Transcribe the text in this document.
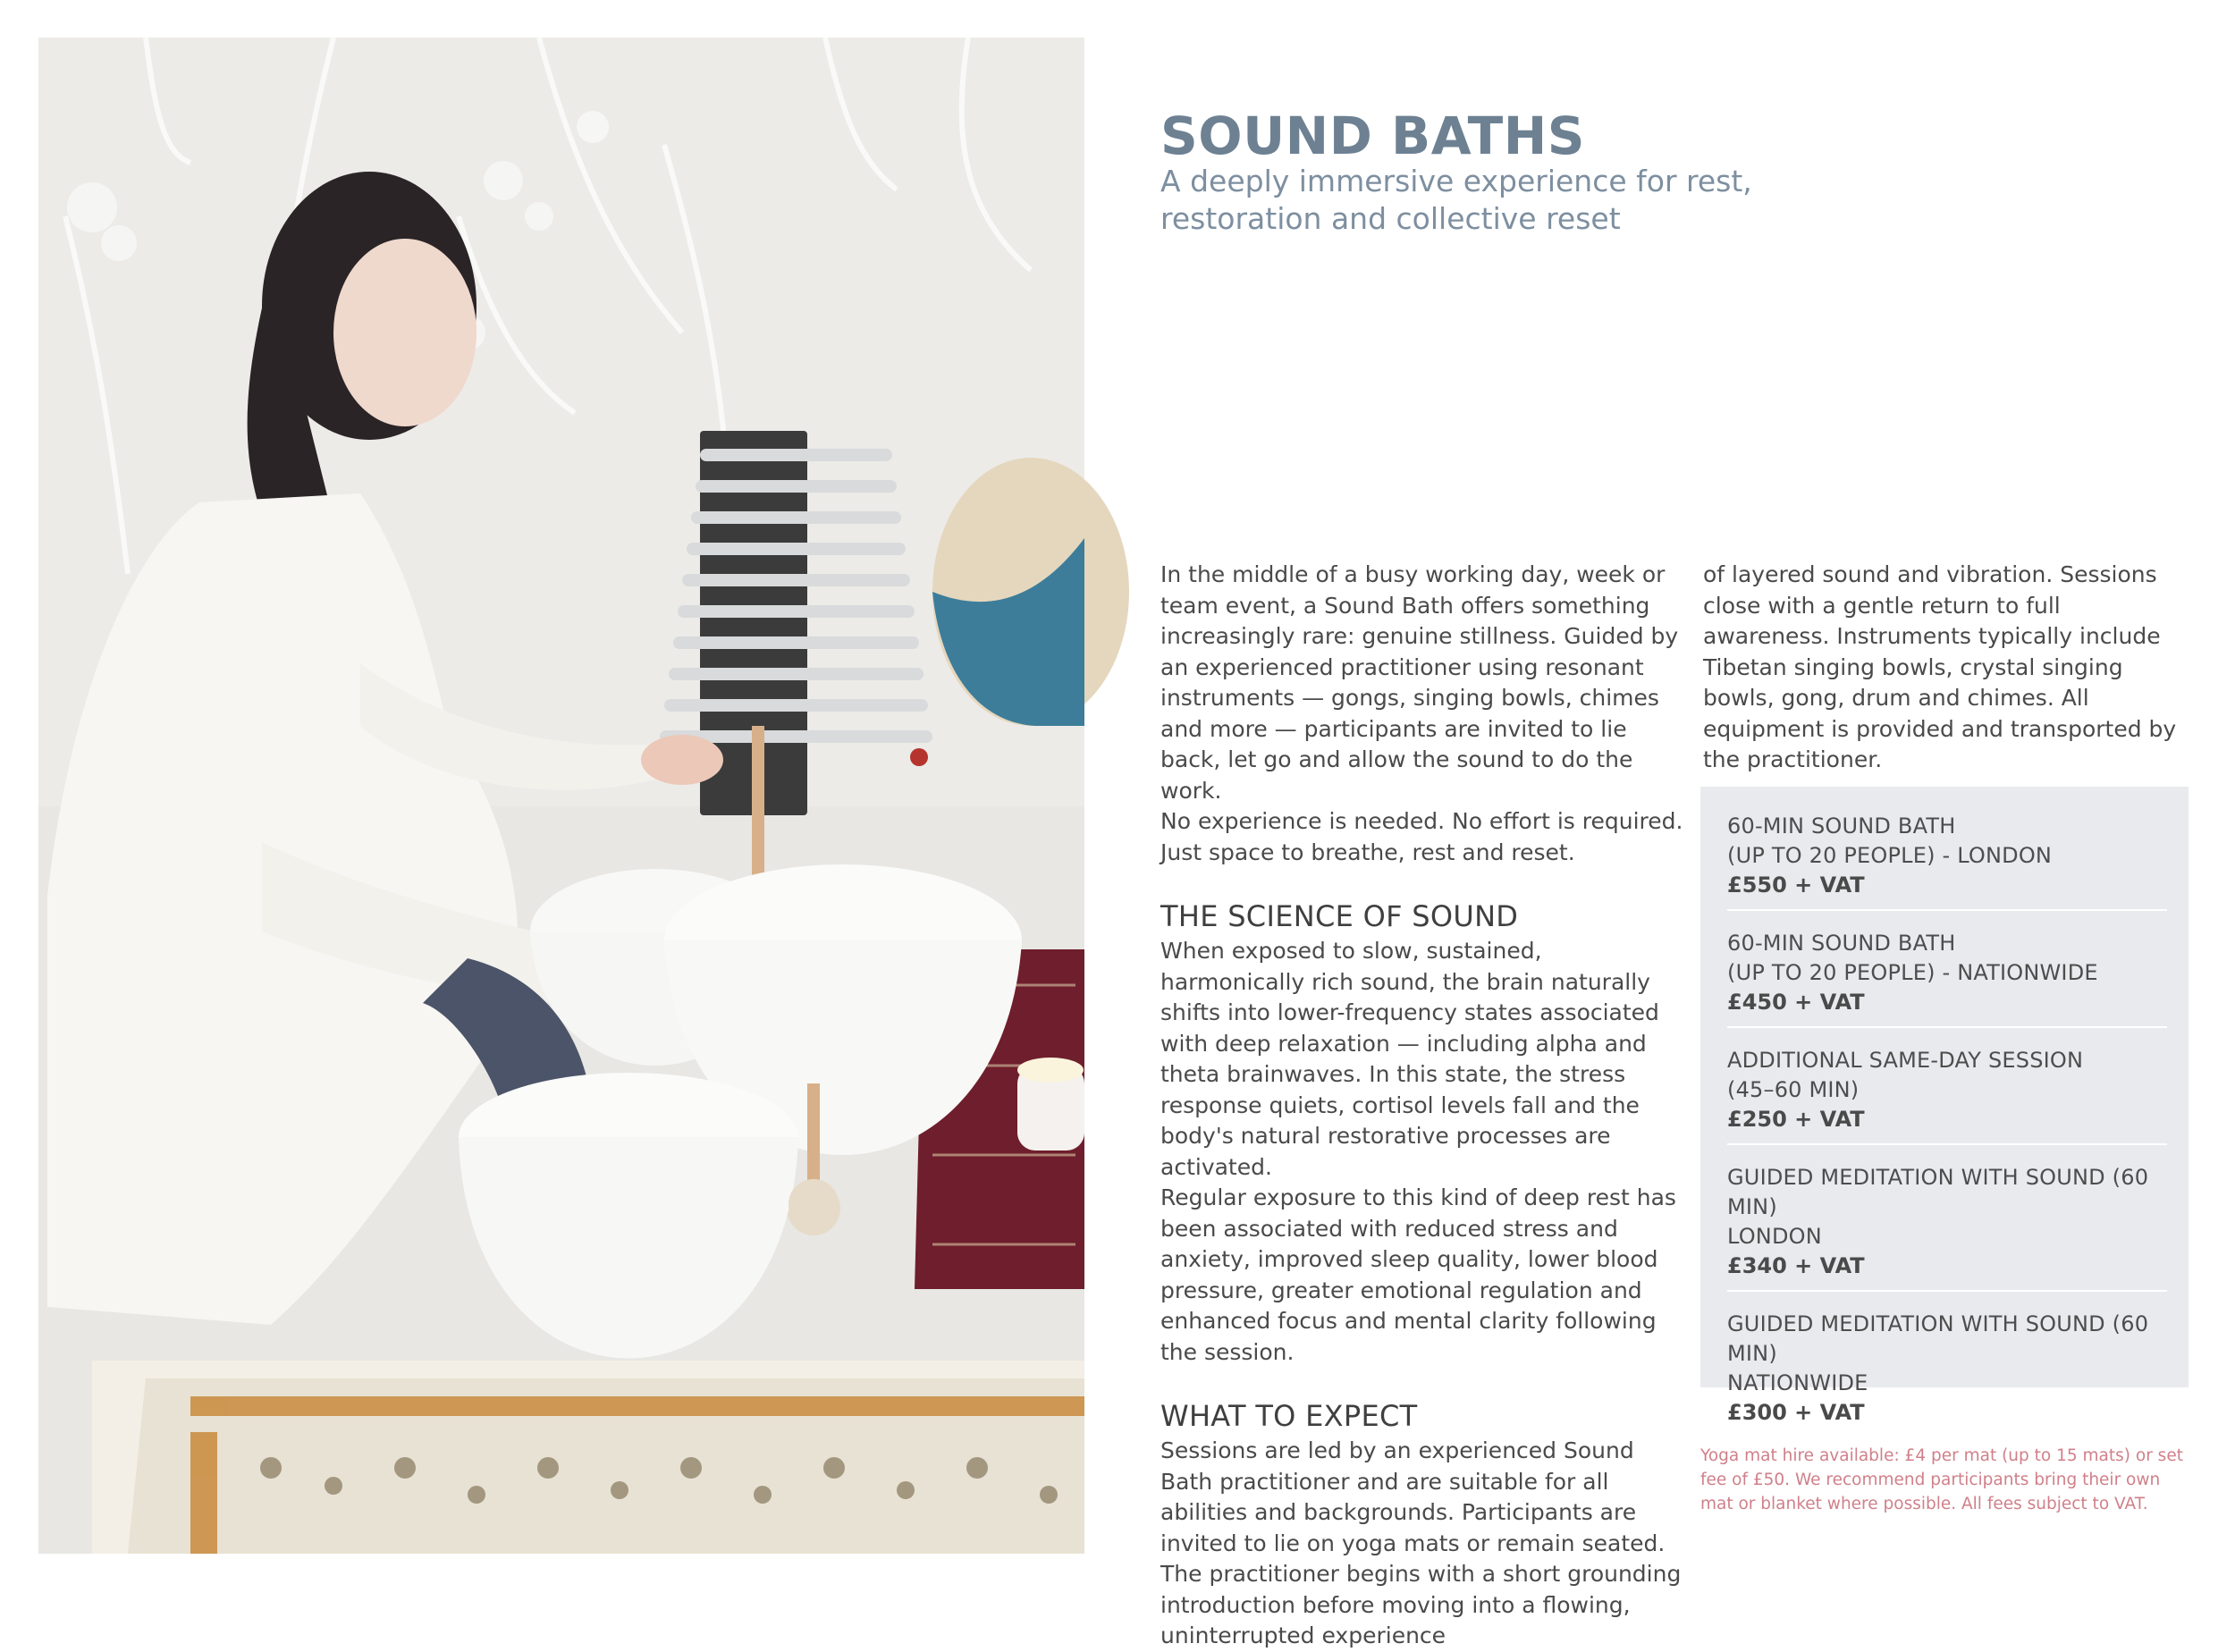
SOUND BATHS
A deeply immersive experience for rest, restoration and collective reset

In the middle of a busy working day, week or team event, a Sound Bath offers something increasingly rare: genuine stillness. Guided by an experienced practitioner using resonant instruments — gongs, singing bowls, chimes and more — participants are invited to lie back, let go and allow the sound to do the work.

No experience is needed. No effort is required. Just space to breathe, rest and reset.

THE SCIENCE OF SOUND

When exposed to slow, sustained, harmonically rich sound, the brain naturally shifts into lower-frequency states associated with deep relaxation — including alpha and theta brainwaves. In this state, the stress response quiets, cortisol levels fall and the body's natural restorative processes are activated.

Regular exposure to this kind of deep rest has been associated with reduced stress and anxiety, improved sleep quality, lower blood pressure, greater emotional regulation and enhanced focus and mental clarity following the session.

WHAT TO EXPECT

Sessions are led by an experienced Sound Bath practitioner and are suitable for all abilities and backgrounds. Participants are invited to lie on yoga mats or remain seated. The practitioner begins with a short grounding introduction before moving into a flowing, uninterrupted experience

of layered sound and vibration. Sessions close with a gentle return to full awareness. Instruments typically include Tibetan singing bowls, crystal singing bowls, gong, drum and chimes. All equipment is provided and transported by the practitioner.

60-MIN SOUND BATH
(UP TO 20 PEOPLE) - LONDON
£550 + VAT
60-MIN SOUND BATH
(UP TO 20 PEOPLE) - NATIONWIDE
£450 + VAT
ADDITIONAL SAME-DAY SESSION
(45–60 MIN)
£250 + VAT
GUIDED MEDITATION WITH SOUND (60 MIN)
LONDON
£340 + VAT
GUIDED MEDITATION WITH SOUND (60 MIN)
NATIONWIDE
£300 + VAT
Yoga mat hire available: £4 per mat (up to 15 mats) or set fee of £50. We recommend participants bring their own mat or blanket where possible. All fees subject to VAT.
